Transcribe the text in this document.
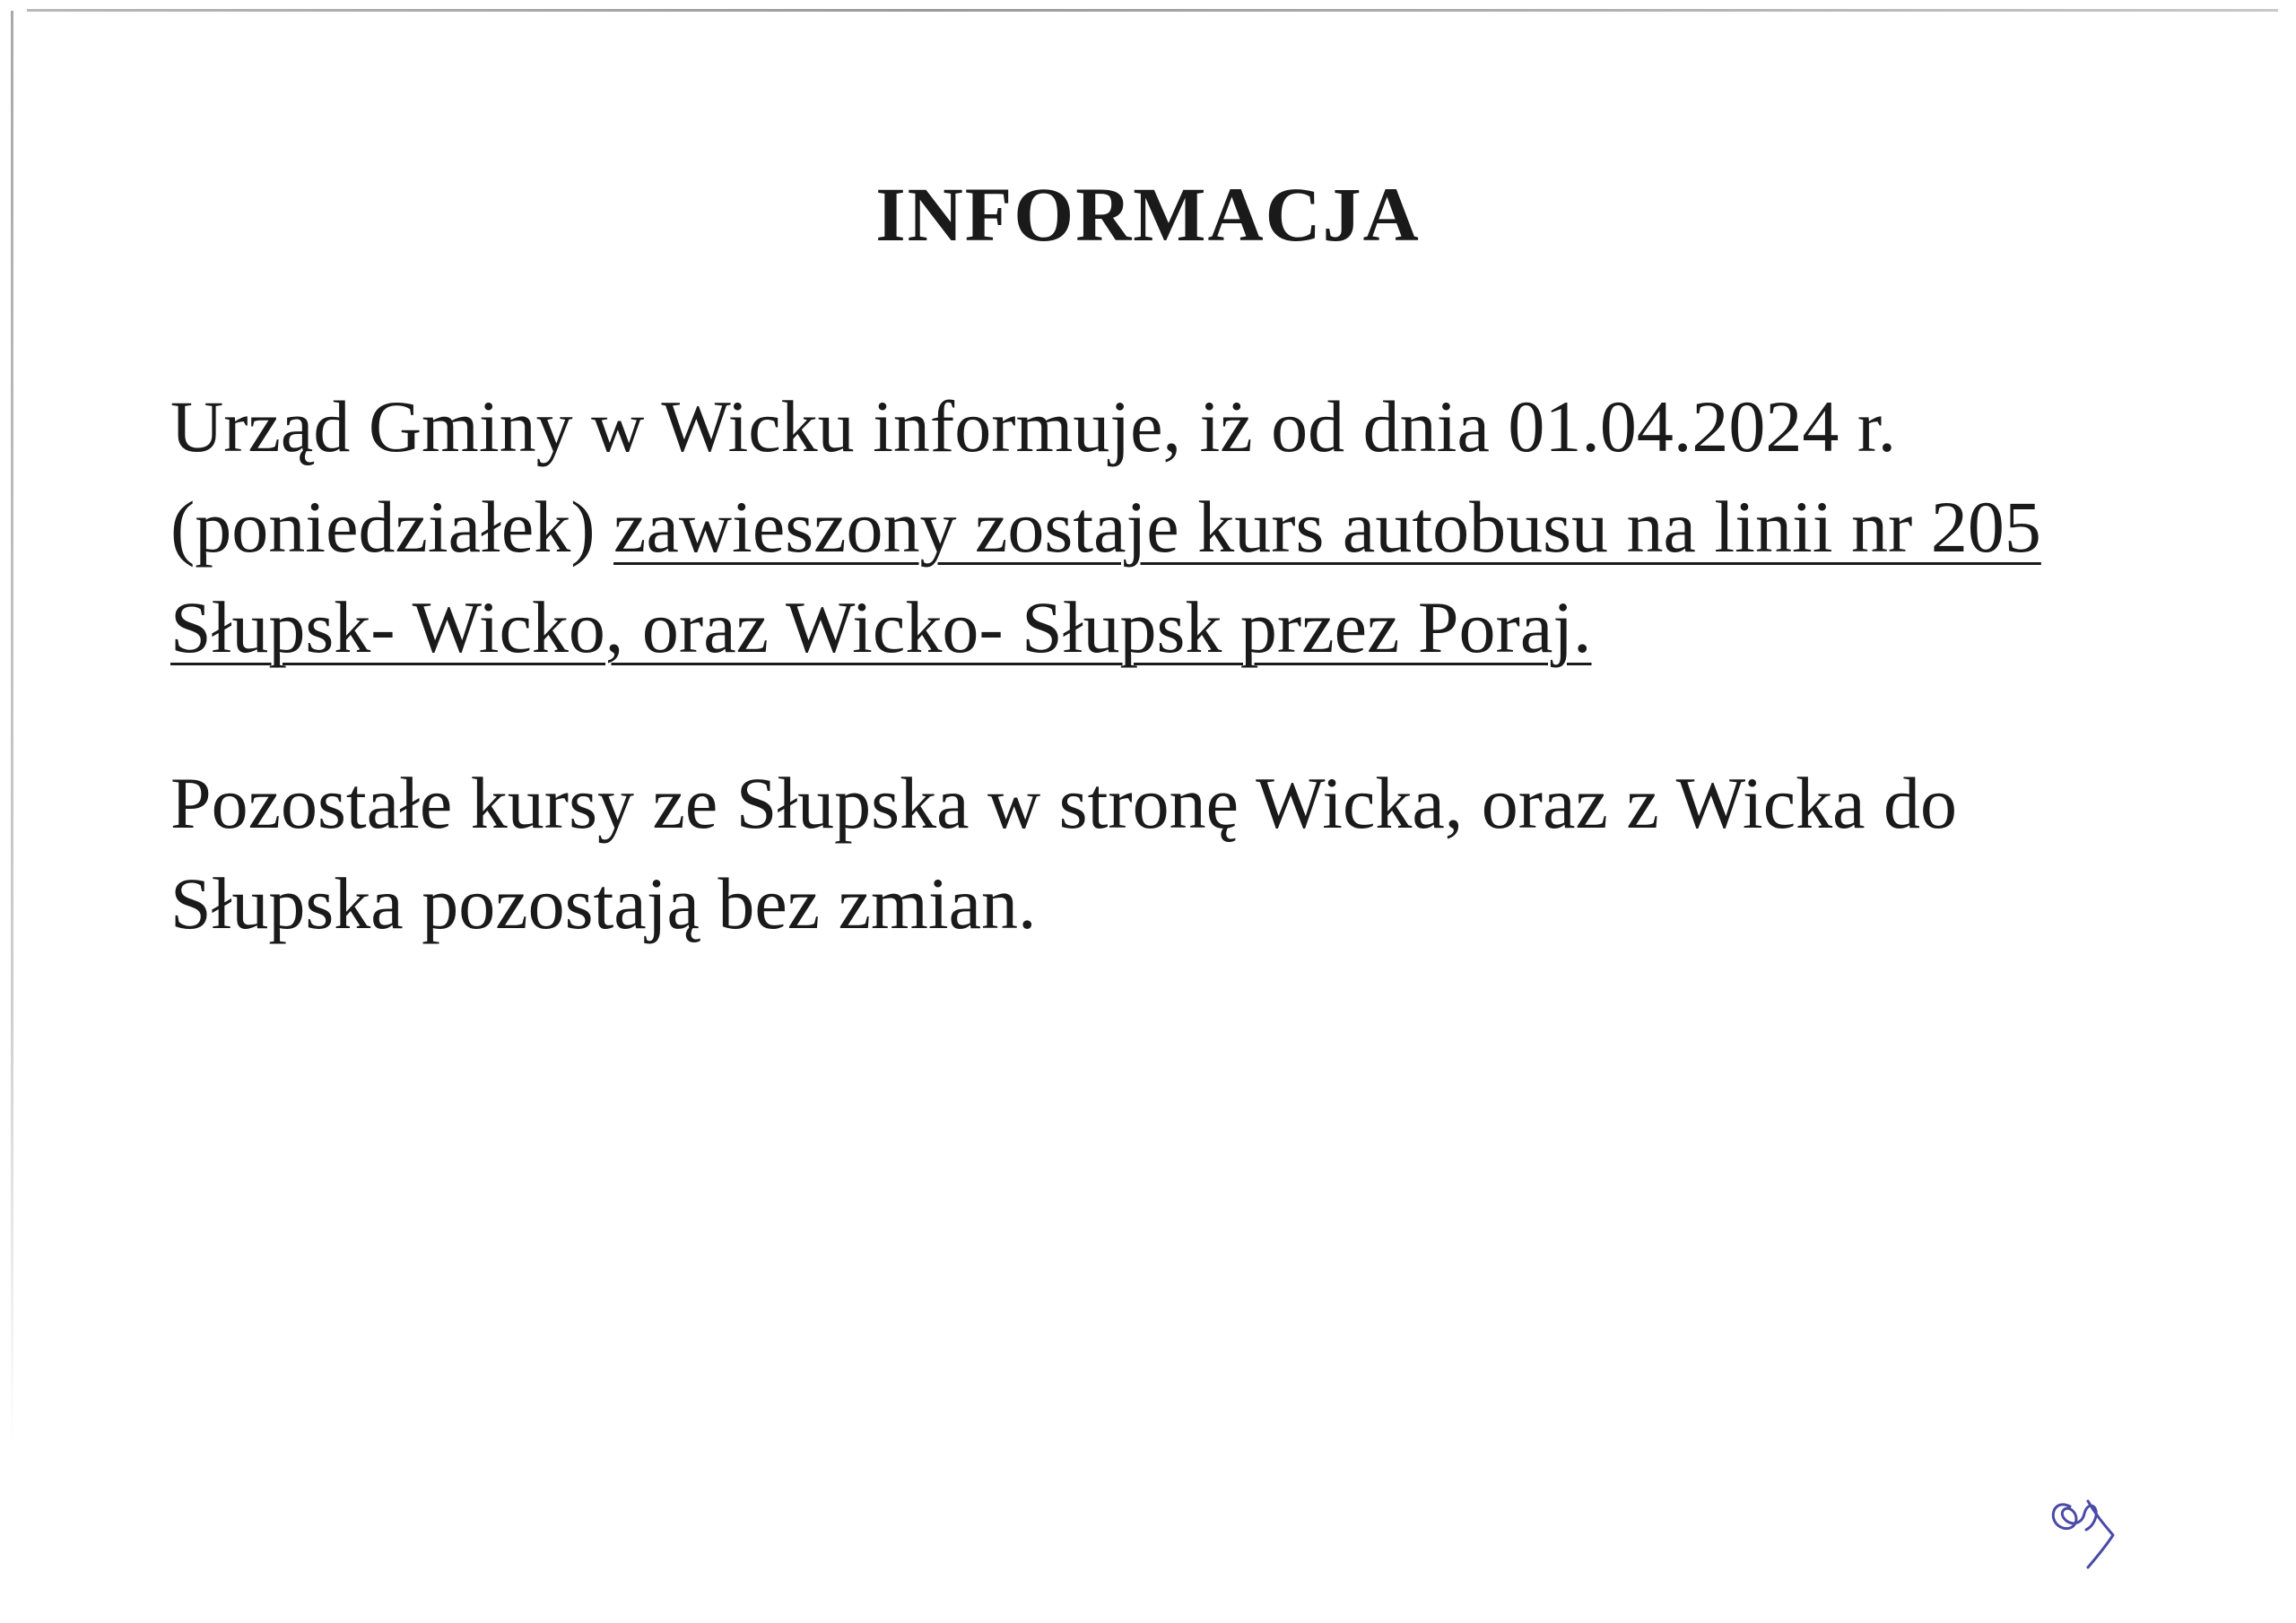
INFORMACJA

Urząd Gminy w Wicku informuje, iż od dnia 01.04.2024 r. (poniedziałek) zawieszony zostaje kurs autobusu na linii nr 205 Słupsk- Wicko, oraz Wicko- Słupsk przez Poraj.

Pozostałe kursy ze Słupska w stronę Wicka, oraz z Wicka do Słupska pozostają bez zmian.
